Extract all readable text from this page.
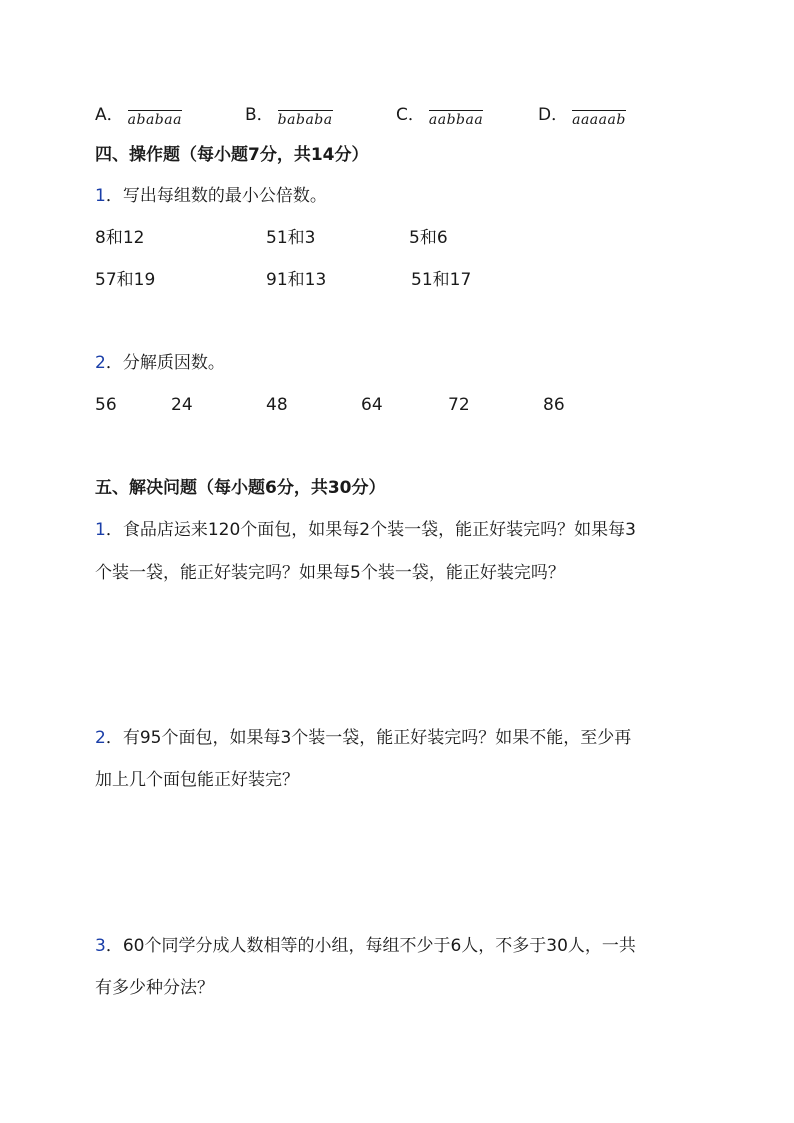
A． ababaa	B． bababa	C． aabbaa	D． aaaaab
四、操作题（每小题7分，共14分）
1．写出每组数的最小公倍数。
8和12	51和3	5和6
57和19	91和13	51和17
2．分解质因数。
56	24	48	64	72	86
五、解决问题（每小题6分，共30分）
1．食品店运来120个面包，如果每2个装一袋，能正好装完吗？如果每3
个装一袋，能正好装完吗？如果每5个装一袋，能正好装完吗？
2．有95个面包，如果每3个装一袋，能正好装完吗？如果不能，至少再
加上几个面包能正好装完？
3．60个同学分成人数相等的小组，每组不少于6人，不多于30人，一共
有多少种分法？
